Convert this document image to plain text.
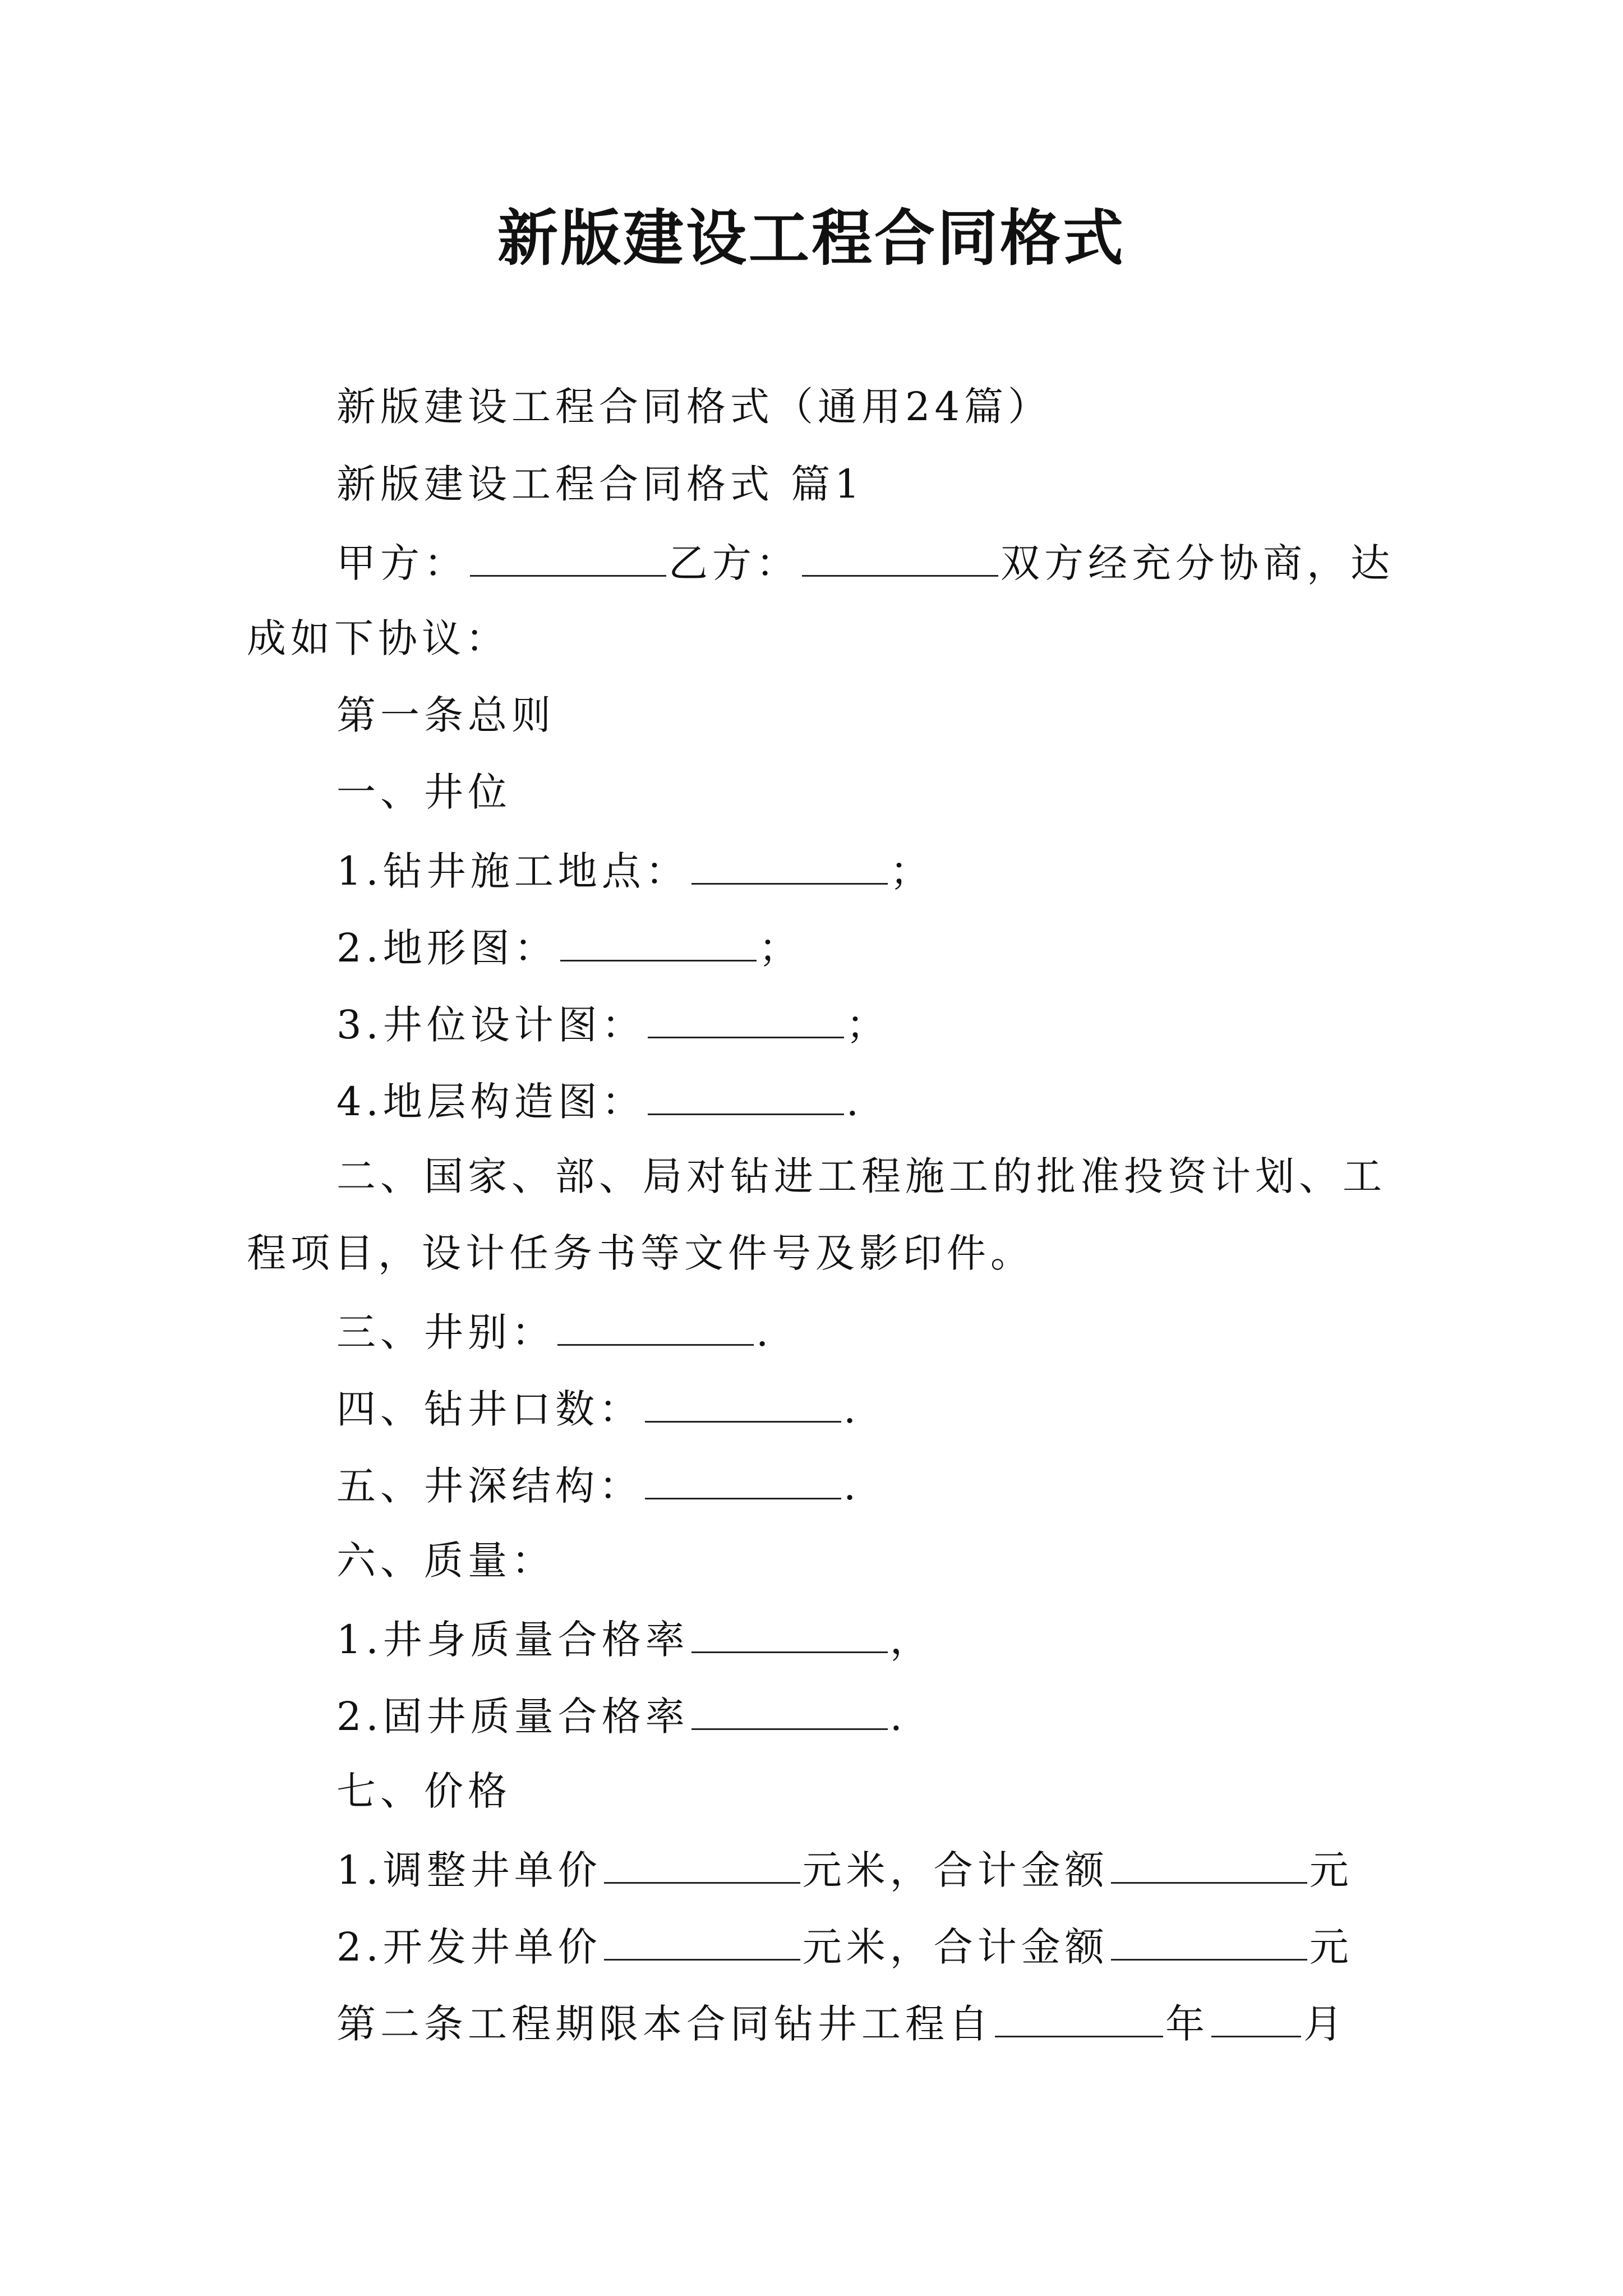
新版建设工程合同格式
新版建设工程合同格式（通用24篇）
新版建设工程合同格式 篇1
甲方：	乙方：	双方经充分协商，达
成如下协议：
第一条总则
一、井位
1.钻井施工地点：	；
2.地形图：	；
3.井位设计图：	；
4.地层构造图：	.
二、国家、部、局对钻进工程施工的批准投资计划、工
程项目，设计任务书等文件号及影印件。
三、井别：	.
四、钻井口数：	.
五、井深结构：	.
六、质量：
1.井身质量合格率	，
2.固井质量合格率	.
七、价格
1.调整井单价	元米，合计金额	元
2.开发井单价	元米，合计金额	元
第二条工程期限本合同钻井工程自	年 月
